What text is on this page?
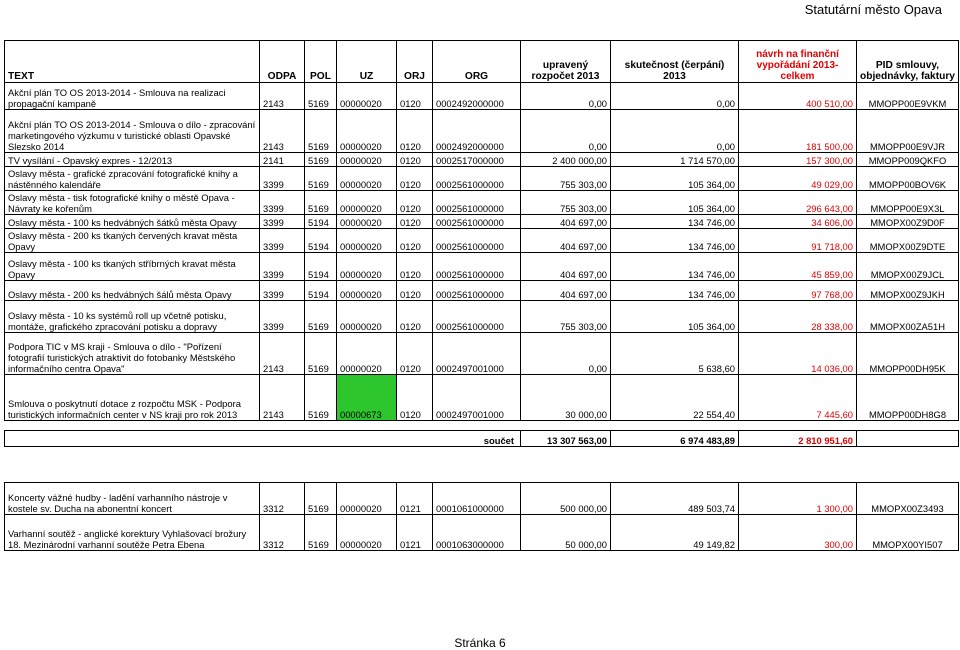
Statutární město Opava
TEXT	ODPA	POL	UZ	ORJ	ORG	upravený rozpočet 2013	skutečnost (čerpání) 2013	návrh na finanční vypořádání 2013-celkem	PID smlouvy, objednávky, faktury
Akční plán TO OS 2013-2014 - Smlouva na realizaci propagační kampaně	2143	5169	00000020	0120	0002492000000	0,00	0,00	400 510,00	MMOPP00E9VKM
Akční plán TO OS 2013-2014 - Smlouva o dílo - zpracování marketingového výzkumu v turistické oblasti Opavské Slezsko 2014	2143	5169	00000020	0120	0002492000000	0,00	0,00	181 500,00	MMOPP00E9VJR
TV vysílání - Opavský expres - 12/2013	2141	5169	00000020	0120	0002517000000	2 400 000,00	1 714 570,00	157 300,00	MMOPP009QKFO
Oslavy města - grafické zpracování fotografické knihy a nástěnného kalendáře	3399	5169	00000020	0120	0002561000000	755 303,00	105 364,00	49 029,00	MMOPP00BOV6K
Oslavy města - tisk fotografické knihy o městě Opava - Návraty ke kořenům	3399	5169	00000020	0120	0002561000000	755 303,00	105 364,00	296 643,00	MMOPP00E9X3L
Oslavy města - 100 ks hedvábných šátků města Opavy	3399	5194	00000020	0120	0002561000000	404 697,00	134 746,00	34 606,00	MMOPX00Z9D0F
Oslavy města - 200 ks tkaných červených kravat města Opavy	3399	5194	00000020	0120	0002561000000	404 697,00	134 746,00	91 718,00	MMOPX00Z9DTE
Oslavy města - 100 ks tkaných stříbrných kravat města Opavy	3399	5194	00000020	0120	0002561000000	404 697,00	134 746,00	45 859,00	MMOPX00Z9JCL
Oslavy města - 200 ks hedvábných šálů města Opavy	3399	5194	00000020	0120	0002561000000	404 697,00	134 746,00	97 768,00	MMOPX00Z9JKH
Oslavy města - 10 ks systémů roll up včetně potisku, montáže, grafického zpracování potisku a dopravy	3399	5169	00000020	0120	0002561000000	755 303,00	105 364,00	28 338,00	MMOPX00ZA51H
Podpora TIC v MS kraji - Smlouva o dílo - "Pořízení fotografií turistických atraktivit do fotobanky Městského informačního centra Opava"	2143	5169	00000020	0120	0002497001000	0,00	5 638,60	14 036,00	MMOPP00DH95K
Smlouva o poskytnutí dotace z rozpočtu MSK - Podpora turistických informačních center v NS kraji pro rok 2013	2143	5169	00000673	0120	0002497001000	30 000,00	22 554,40	7 445,60	MMOPP00DH8G8

součet						13 307 563,00	6 974 483,89	2 810 951,60	

Koncerty vážné hudby - ladění varhanního nástroje v kostele sv. Ducha na abonentní koncert	3312	5169	00000020	0121	0001061000000	500 000,00	489 503,74	1 300,00	MMOPX00Z3493
Varhanní soutěž - anglické korektury Vyhlašovací brožury 18. Mezinárodní varhanní soutěže Petra Ebena	3312	5169	00000020	0121	0001063000000	50 000,00	49 149,82	300,00	MMOPX00YI507
Stránka 6
